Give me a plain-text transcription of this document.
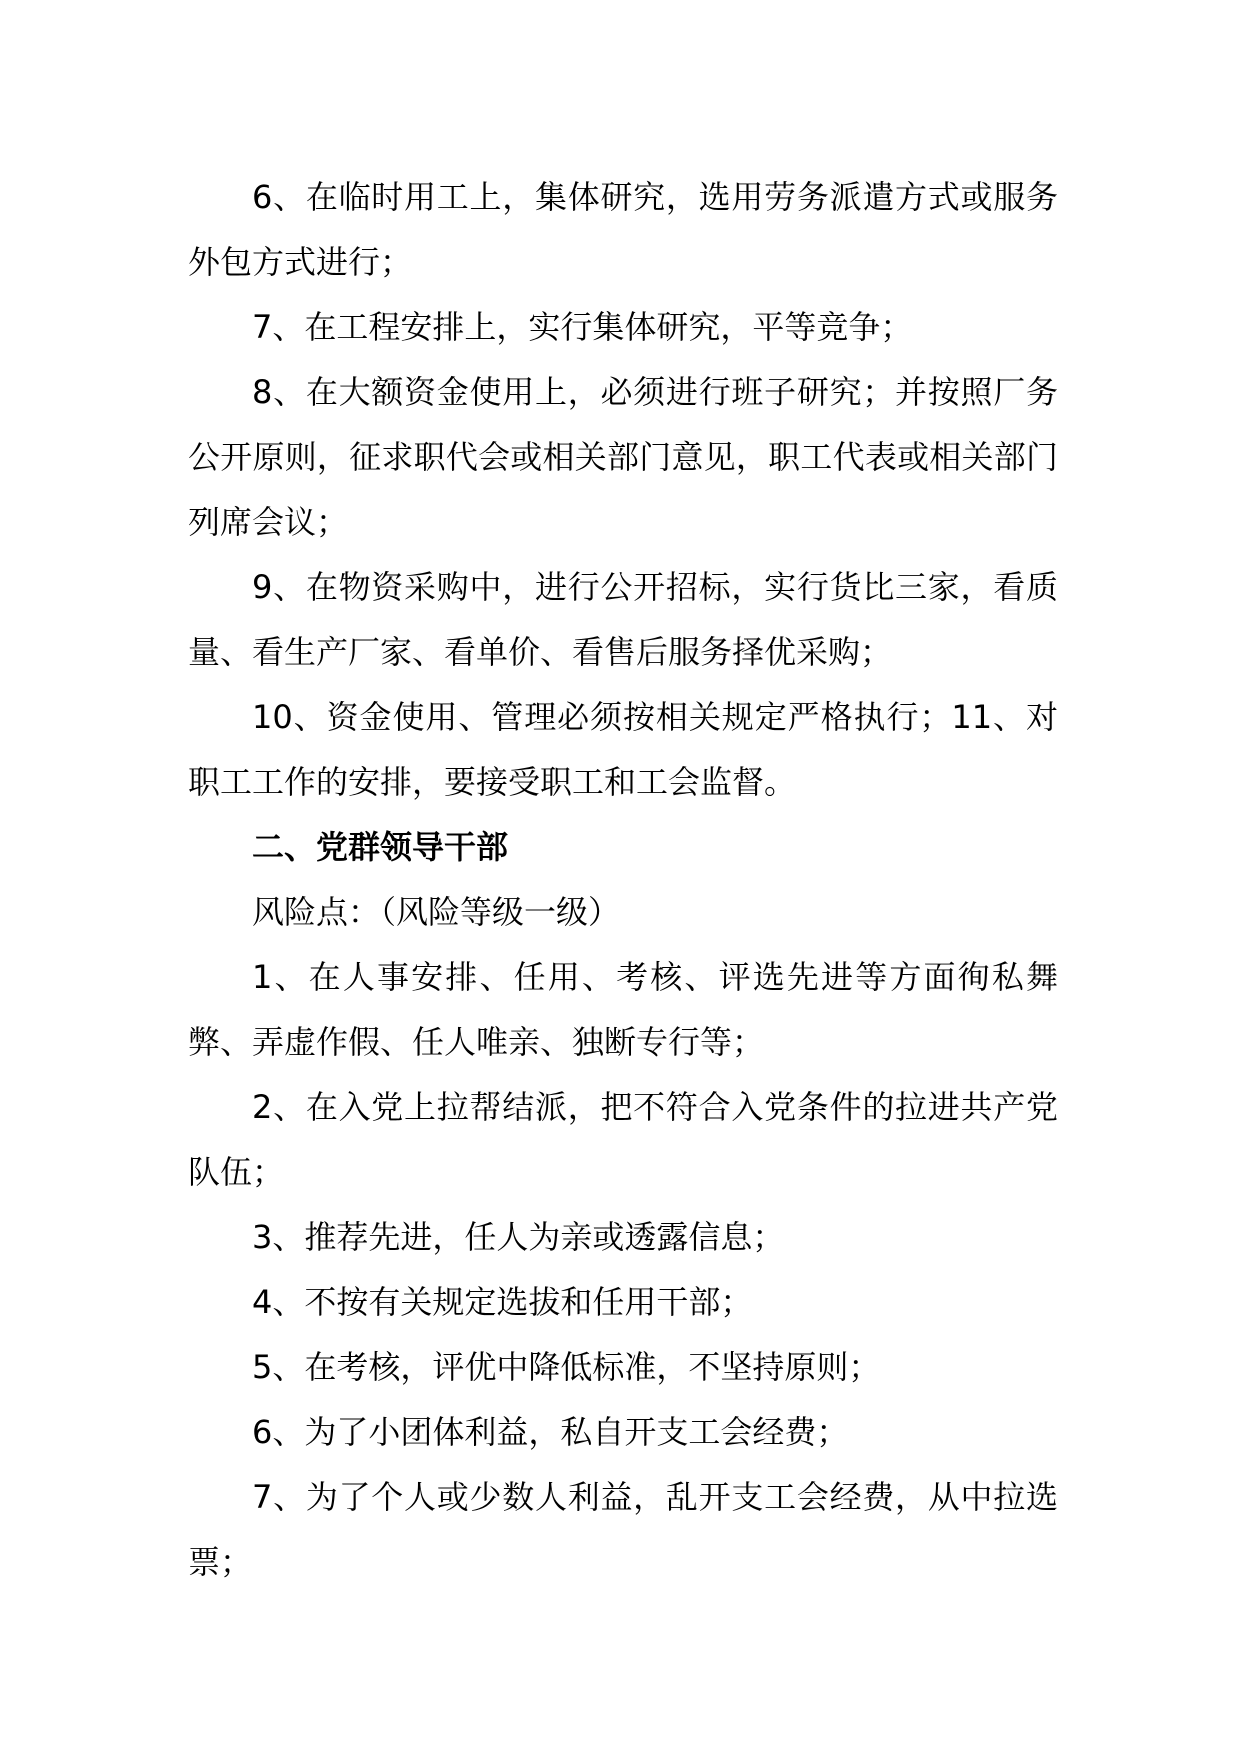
6、在临时用工上，集体研究，选用劳务派遣方式或服务外包方式进行；

7、在工程安排上，实行集体研究，平等竞争；

8、在大额资金使用上，必须进行班子研究；并按照厂务公开原则，征求职代会或相关部门意见，职工代表或相关部门列席会议；

9、在物资采购中，进行公开招标，实行货比三家，看质量、看生产厂家、看单价、看售后服务择优采购；

10、资金使用、管理必须按相关规定严格执行；11、对职工工作的安排，要接受职工和工会监督。

二、党群领导干部

风险点：（风险等级一级）

1、在人事安排、任用、考核、评选先进等方面徇私舞弊、弄虚作假、任人唯亲、独断专行等；

2、在入党上拉帮结派，把不符合入党条件的拉进共产党队伍；

3、推荐先进，任人为亲或透露信息；

4、不按有关规定选拔和任用干部；

5、在考核，评优中降低标准，不坚持原则；

6、为了小团体利益，私自开支工会经费；

7、为了个人或少数人利益，乱开支工会经费，从中拉选票；
